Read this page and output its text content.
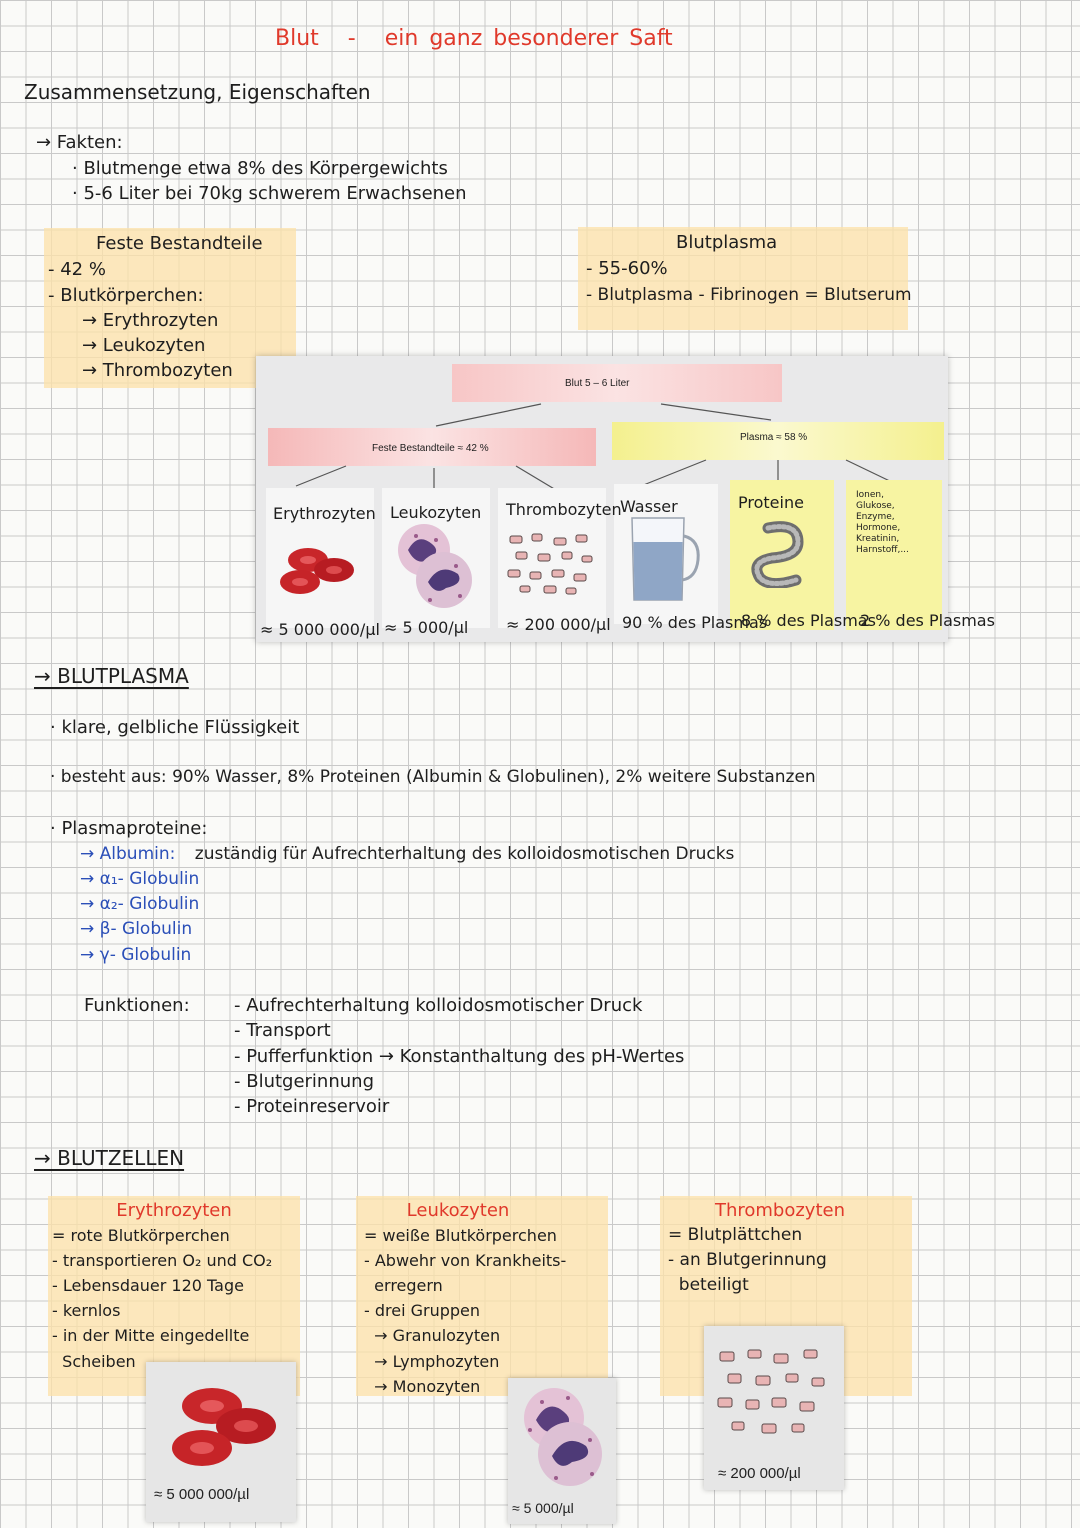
Blut - ein ganz besonderer Saft
Zusammensetzung, Eigenschaften
→ Fakten:
· Blutmenge etwa 8% des Körpergewichts
· 5-6 Liter bei 70kg schwerem Erwachsenen
Feste Bestandteile
- 42 %
- Blutkörperchen:
→ Erythrozyten
→ Leukozyten
→ Thrombozyten
Blutplasma
- 55-60%
- Blutplasma - Fibrinogen = Blutserum
Blut 5 – 6 Liter
Feste Bestandteile ≈ 42 %
Plasma ≈ 58 %
Erythrozyten Leukozyten Thrombozyten
Wasser	Proteine	Ionen,
Glukose,
Enzyme,
Hormone,
Kreatinin,
Harnstoff,...
≈ 5 000 000/µl ≈ 5 000/µl ≈ 200 000/µl 90 % des Plasmas
8 % des Plasmas
2 % des Plasmas
→ BLUTPLASMA
· klare, gelbliche Flüssigkeit
· besteht aus: 90% Wasser, 8% Proteinen (Albumin & Globulinen), 2% weitere Substanzen
· Plasmaproteine:
→ Albumin: zuständig für Aufrechterhaltung des kolloidosmotischen Drucks
→ α₁- Globulin
→ α₂- Globulin
→ β- Globulin
→ γ- Globulin
Funktionen: - Aufrechterhaltung kolloidosmotischer Druck
- Transport
- Pufferfunktion → Konstanthaltung des pH-Wertes
- Blutgerinnung
- Proteinreservoir
→ BLUTZELLEN
Erythrozyten
= rote Blutkörperchen
- transportieren O₂ und CO₂
- Lebensdauer 120 Tage
- kernlos
- in der Mitte eingedellte
Scheiben
≈ 5 000 000/µl
Leukozyten
= weiße Blutkörperchen
- Abwehr von Krankheits-
erregern
- drei Gruppen
→ Granulozyten
→ Lymphozyten
→ Monozyten
≈ 5 000/µl
Thrombozyten
= Blutplättchen
- an Blutgerinnung
beteiligt
≈ 200 000/µl
